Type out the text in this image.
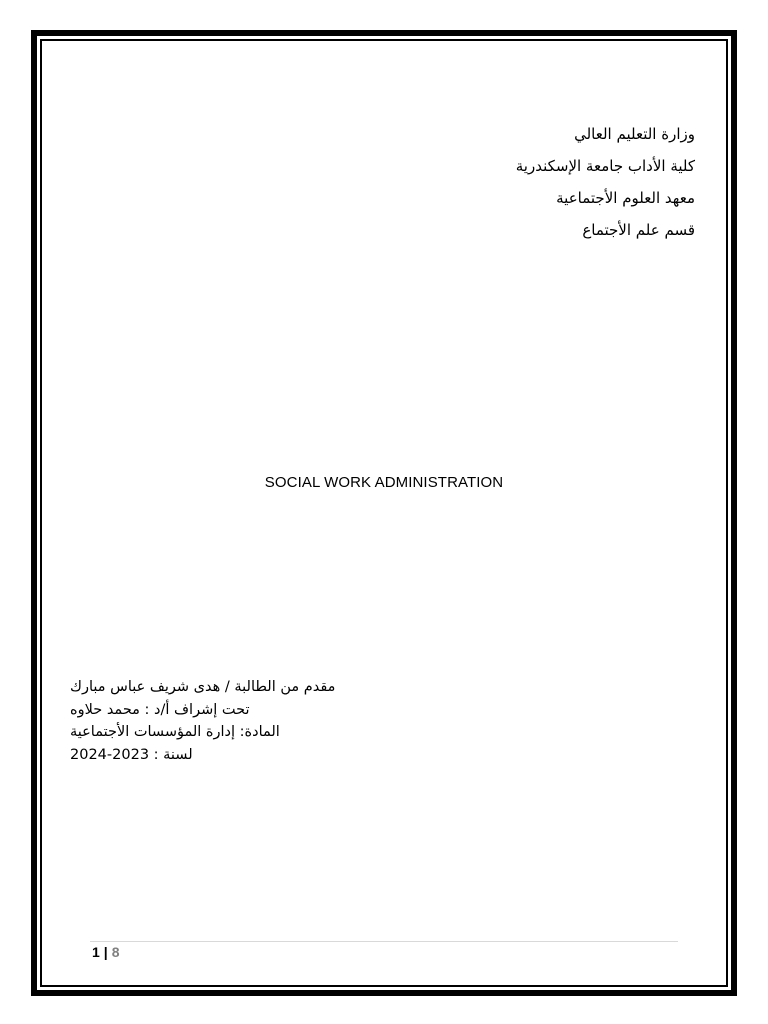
وزارة التعليم العالي
كلية الأداب جامعة الإسكندرية
معهد العلوم الأجتماعية
قسم علم الأجتماع
SOCIAL WORK ADMINISTRATION
مقدم من الطالبة / هدى شريف عباس مبارك
تحت إشراف أ/د : محمد حلاوه
المادة: إدارة المؤسسات الأجتماعية
لسنة : 2023-2024
1 | 8
